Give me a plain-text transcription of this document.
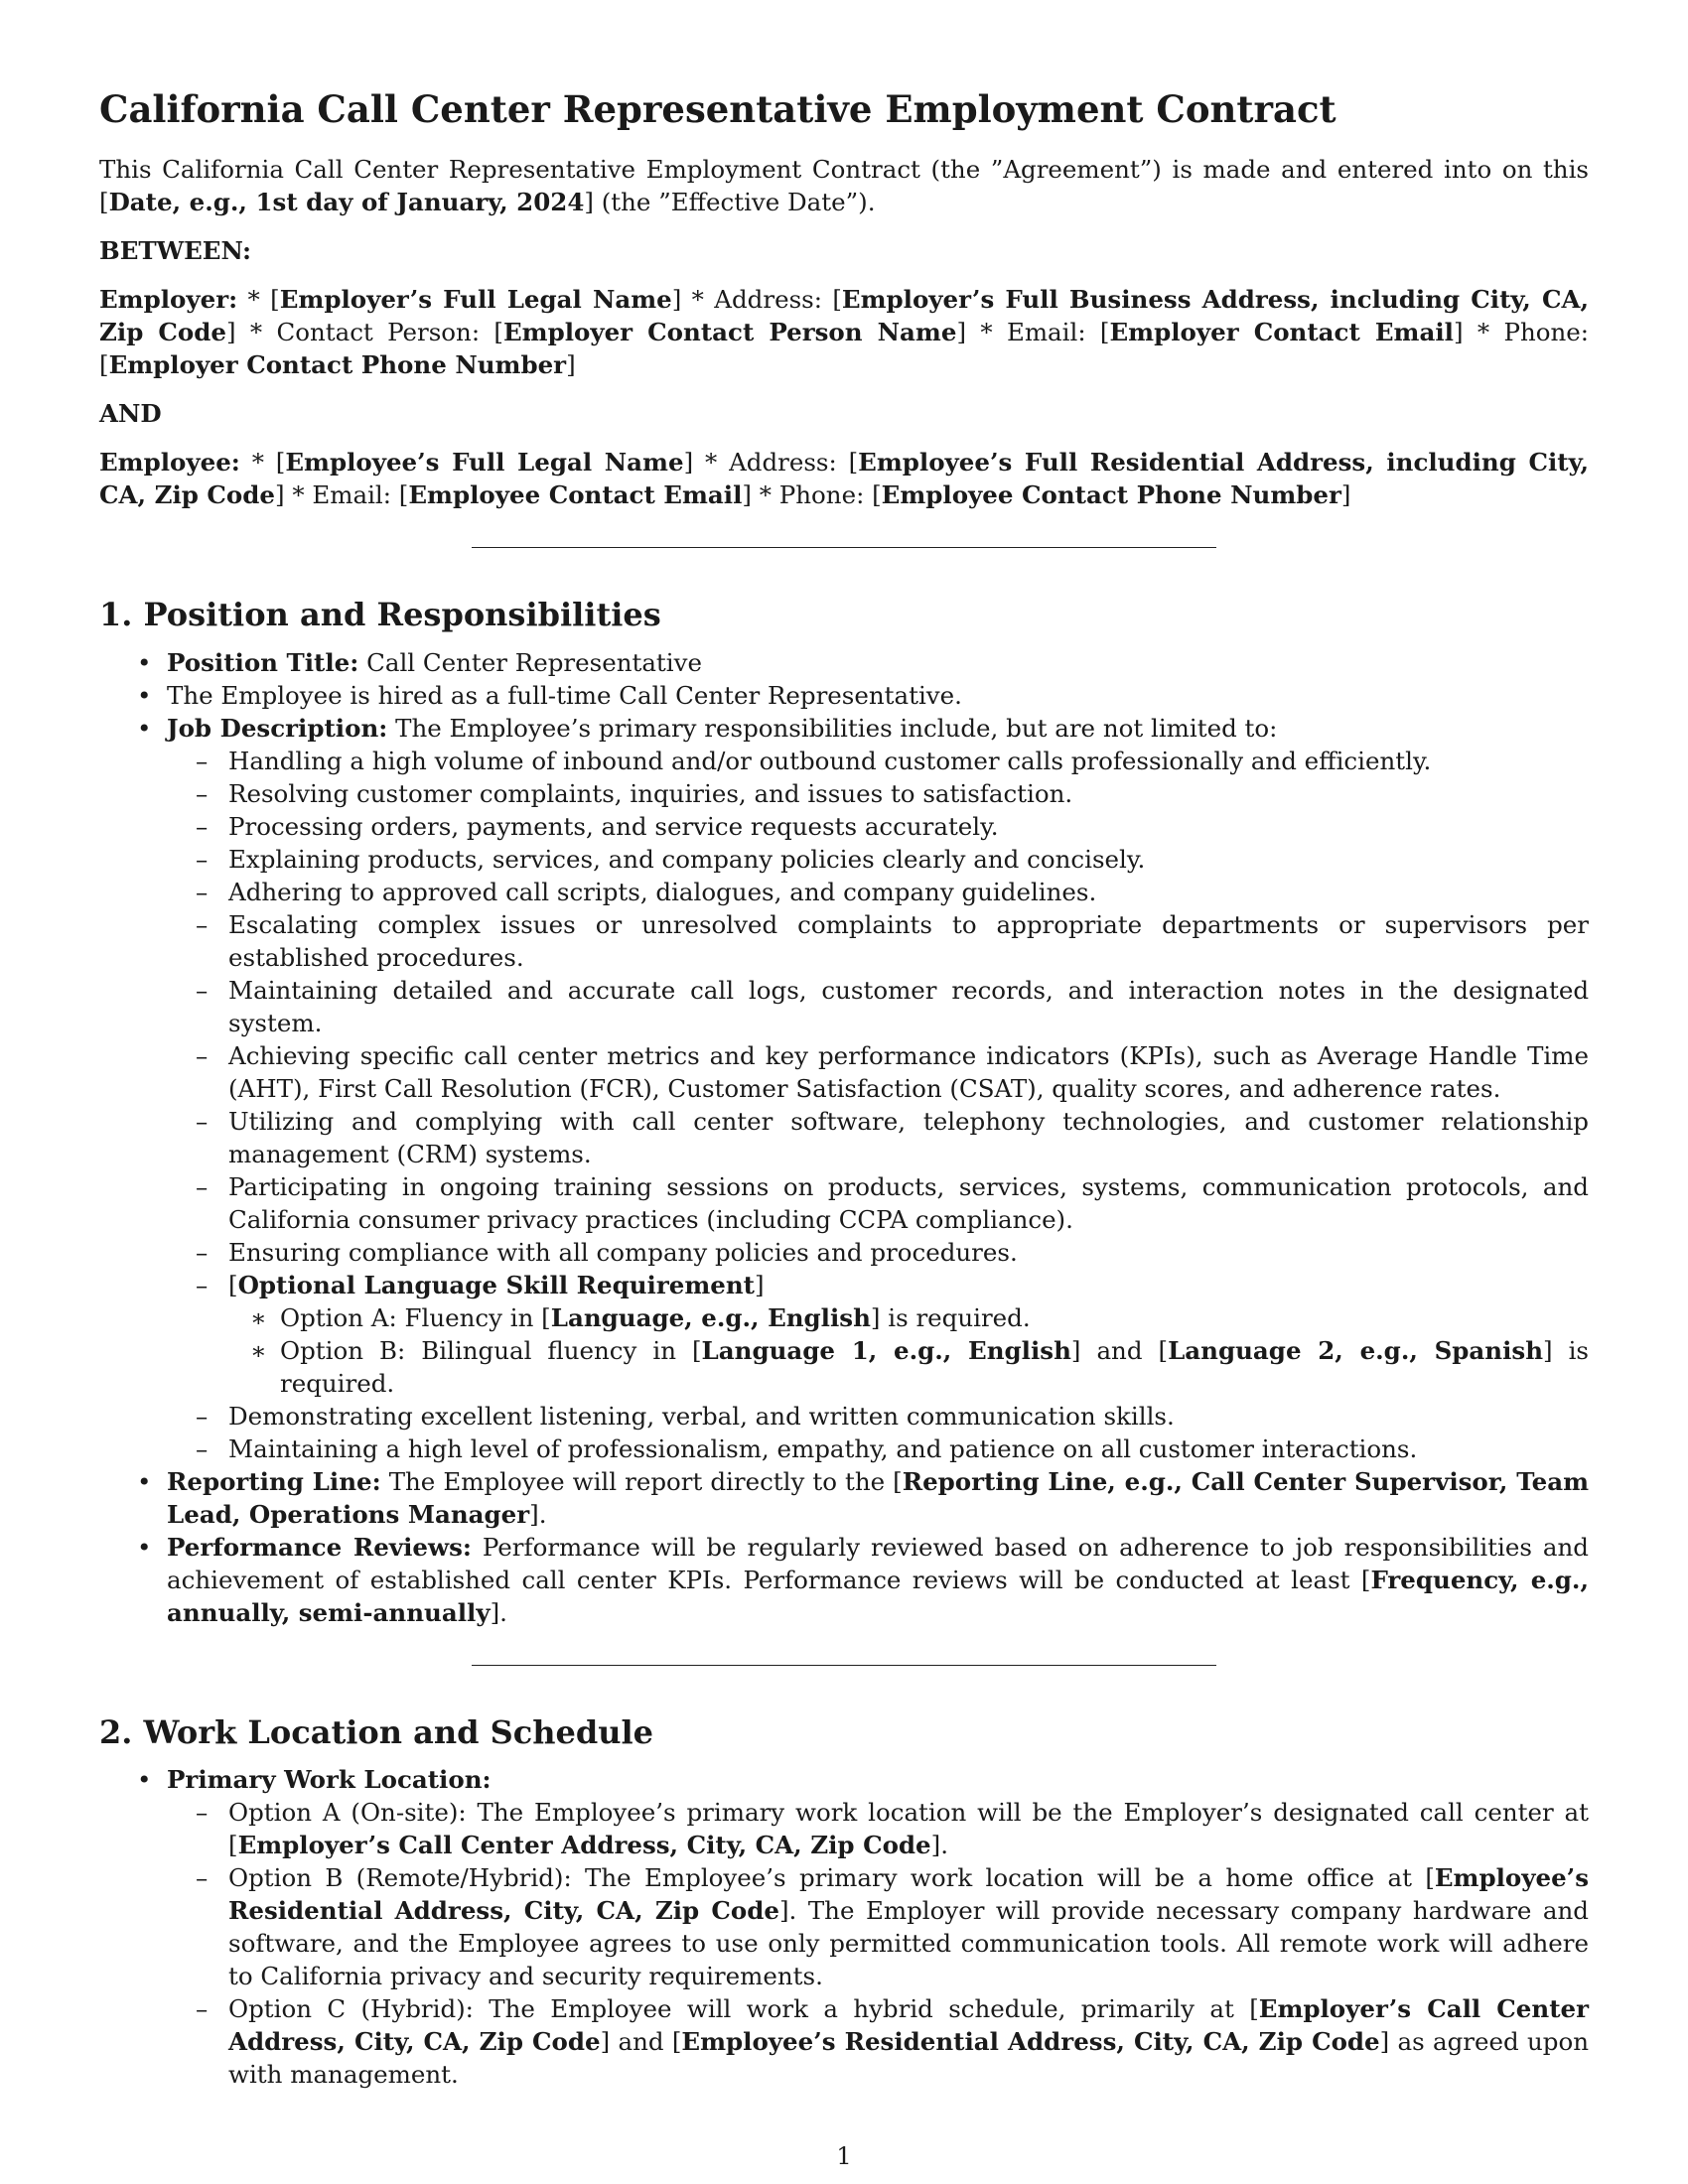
California Call Center Representative Employment Contract

This California Call Center Representative Employment Contract (the ”Agreement”) is made and entered into on this [Date, e.g., 1st day of January, 2024] (the ”Effective Date”).

BETWEEN:

Employer: * [Employer’s Full Legal Name] * Address: [Employer’s Full Business Address, including City, CA, Zip Code] * Contact Person: [Employer Contact Person Name] * Email: [Employer Contact Email] * Phone: [Employer Contact Phone Number]

AND

Employee: * [Employee’s Full Legal Name] * Address: [Employee’s Full Residential Address, including City, CA, Zip Code] * Email: [Employee Contact Email] * Phone: [Employee Contact Phone Number]

1. Position and Responsibilities
• Position Title: Call Center Representative
• The Employee is hired as a full-time Call Center Representative.
• Job Description: The Employee’s primary responsibilities include, but are not limited to:
– Handling a high volume of inbound and/or outbound customer calls professionally and efficiently.
– Resolving customer complaints, inquiries, and issues to satisfaction.
– Processing orders, payments, and service requests accurately.
– Explaining products, services, and company policies clearly and concisely.
– Adhering to approved call scripts, dialogues, and company guidelines.
– Escalating complex issues or unresolved complaints to appropriate departments or supervisors per established procedures.
– Maintaining detailed and accurate call logs, customer records, and interaction notes in the designated system.
– Achieving specific call center metrics and key performance indicators (KPIs), such as Average Handle Time (AHT), First Call Resolution (FCR), Customer Satisfaction (CSAT), quality scores, and adherence rates.
– Utilizing and complying with call center software, telephony technologies, and customer relationship management (CRM) systems.
– Participating in ongoing training sessions on products, services, systems, communication protocols, and California consumer privacy practices (including CCPA compliance).
– Ensuring compliance with all company policies and procedures.
– [Optional Language Skill Requirement]
∗ Option A: Fluency in [Language, e.g., English] is required.
∗ Option B: Bilingual fluency in [Language 1, e.g., English] and [Language 2, e.g., Spanish] is required.
– Demonstrating excellent listening, verbal, and written communication skills.
– Maintaining a high level of professionalism, empathy, and patience on all customer interactions.
• Reporting Line: The Employee will report directly to the [Reporting Line, e.g., Call Center Supervisor, Team Lead, Operations Manager].
• Performance Reviews: Performance will be regularly reviewed based on adherence to job responsibilities and achievement of established call center KPIs. Performance reviews will be conducted at least [Frequency, e.g., annually, semi-annually].
2. Work Location and Schedule
• Primary Work Location:
– Option A (On-site): The Employee’s primary work location will be the Employer’s designated call center at [Employer’s Call Center Address, City, CA, Zip Code].
– Option B (Remote/Hybrid): The Employee’s primary work location will be a home office at [Employee’s Residential Address, City, CA, Zip Code]. The Employer will provide necessary company hardware and software, and the Employee agrees to use only permitted communication tools. All remote work will adhere to California privacy and security requirements.
– Option C (Hybrid): The Employee will work a hybrid schedule, primarily at [Employer’s Call Center Address, City, CA, Zip Code] and [Employee’s Residential Address, City, CA, Zip Code] as agreed upon with management.
1
